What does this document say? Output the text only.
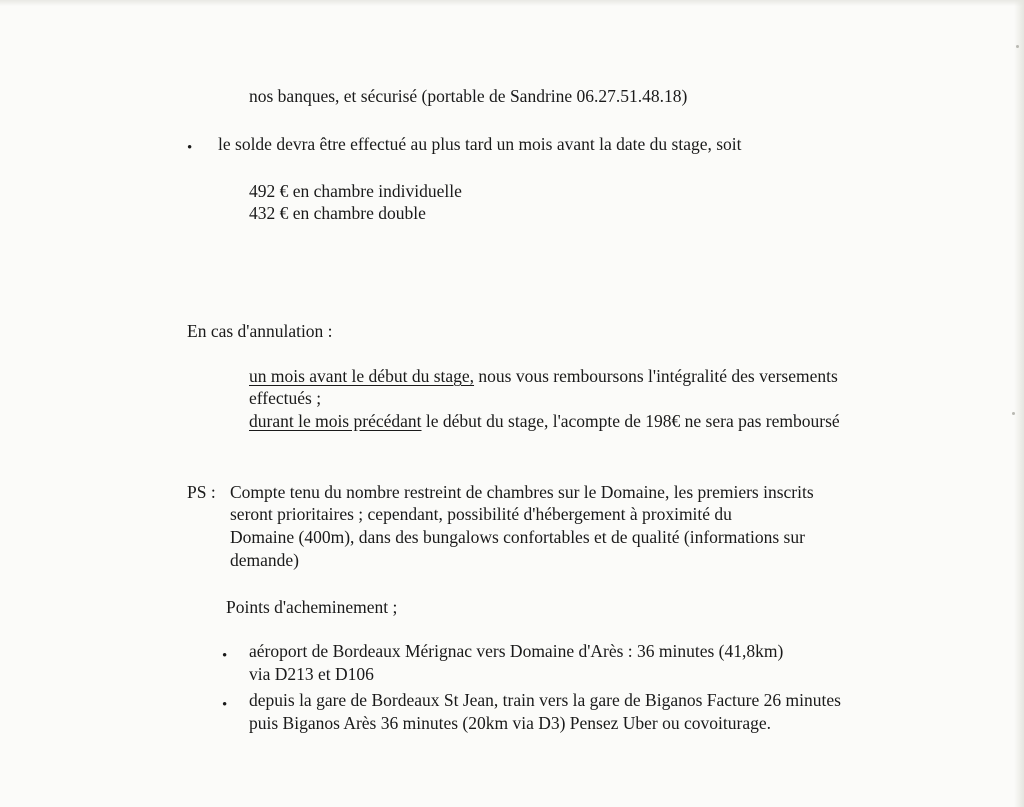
nos banques, et sécurisé (portable de Sandrine 06.27.51.48.18)
• le solde devra être effectué au plus tard un mois avant la date du stage, soit
492 € en chambre individuelle
432 € en chambre double
En cas d'annulation :
un mois avant le début du stage, nous vous remboursons l'intégralité des versements
effectués ;
durant le mois précédant le début du stage, l'acompte de 198€ ne sera pas remboursé
PS : Compte tenu du nombre restreint de chambres sur le Domaine, les premiers inscrits
seront prioritaires ; cependant, possibilité d'hébergement à proximité du
Domaine (400m), dans des bungalows confortables et de qualité (informations sur
demande)
Points d'acheminement ;
• aéroport de Bordeaux Mérignac vers Domaine d'Arès : 36 minutes (41,8km)
via D213 et D106
• depuis la gare de Bordeaux St Jean, train vers la gare de Biganos Facture 26 minutes
puis Biganos Arès 36 minutes (20km via D3) Pensez Uber ou covoiturage.
